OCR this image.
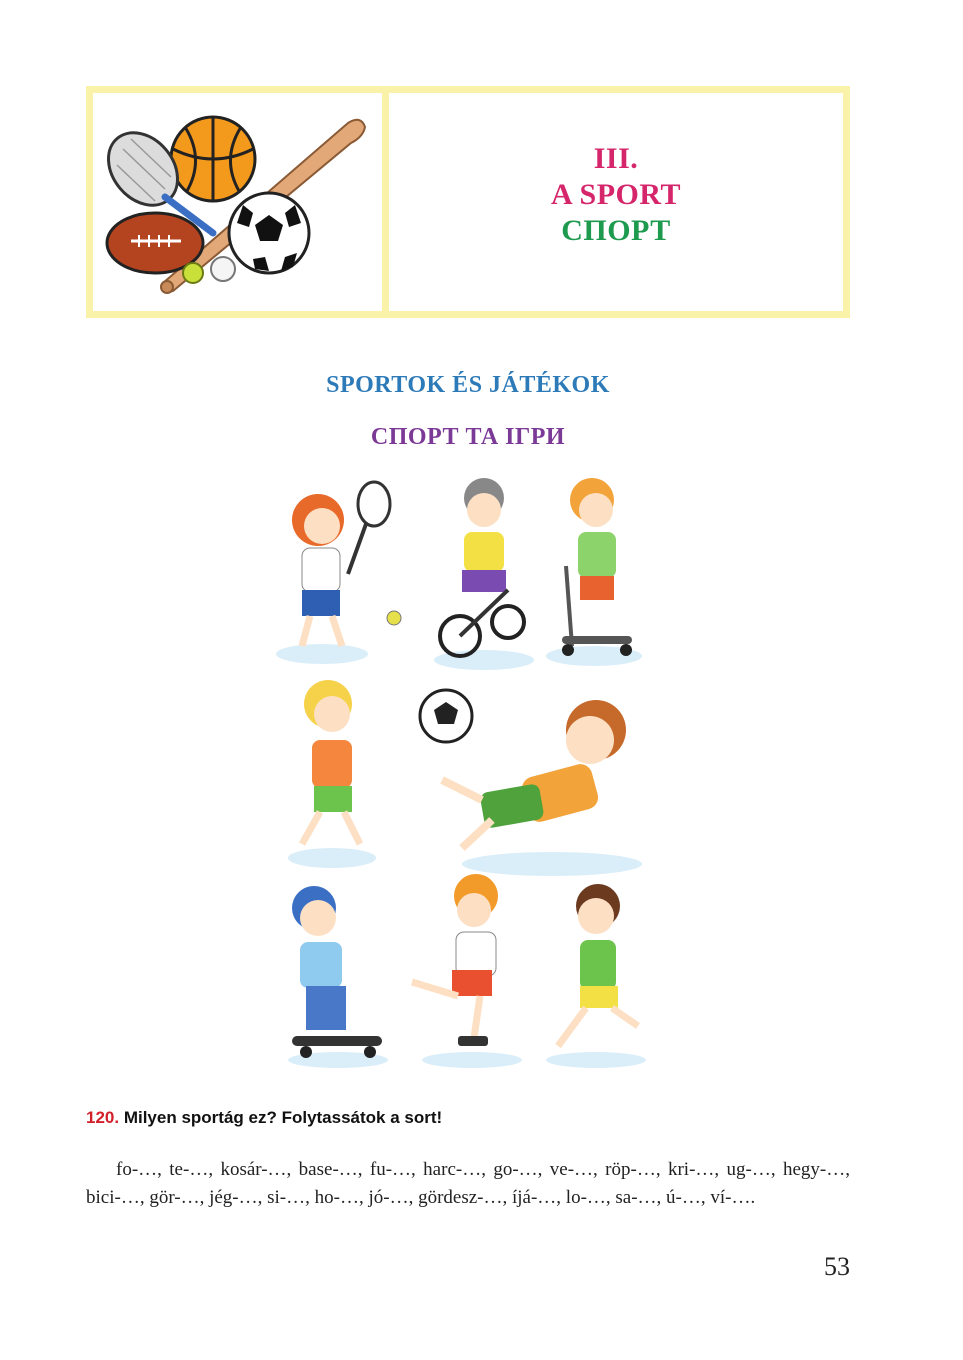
III.
A SPORT
СПОРТ
SPORTOK ÉS JÁTÉKOK
СПОРТ ТА ІГРИ
120. Milyen sportág ez? Folytassátok a sort!
fo-…, te-…, kosár-…, base-…, fu-…, harc-…, go-…, ve-…, röp-…, kri-…, ug-…, hegy-…, bici-…, gör-…, jég-…, si-…, ho-…, jó-…, gördesz-…, íjá-…, lo-…, sa-…, ú-…, ví-….
53
